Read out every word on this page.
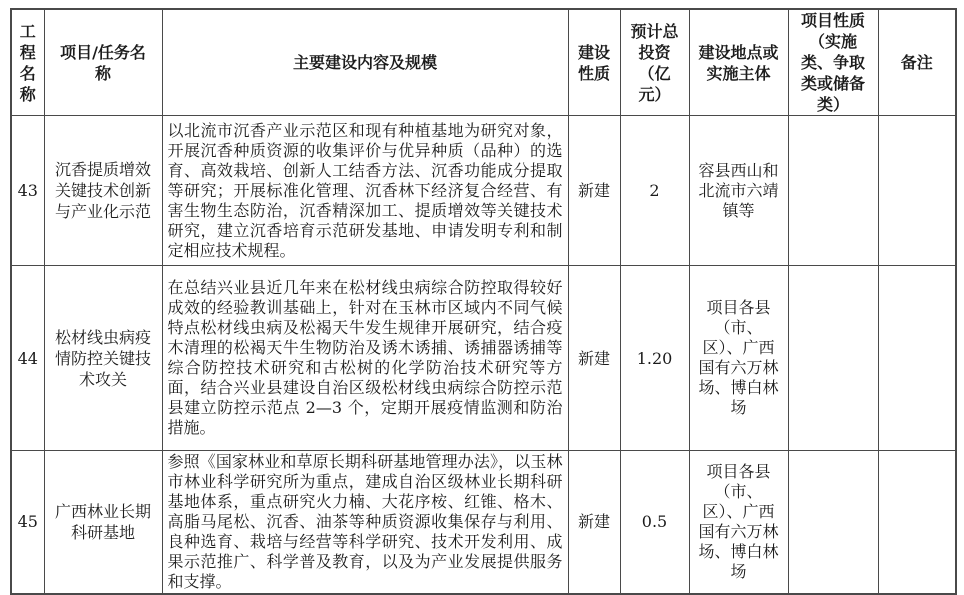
工程名称	项目/任务名称	主要建设内容及规模	建设性质	预计总投资（亿元）	建设地点或实施主体	项目性质（实施类、争取类或储备类）	备注
43	沉香提质增效关键技术创新与产业化示范	以北流市沉香产业示范区和现有种植基地为研究对象，开展沉香种质资源的收集评价与优异种质（品种）的选育、高效栽培、创新人工结香方法、沉香功能成分提取等研究；开展标准化管理、沉香林下经济复合经营、有害生物生态防治，沉香精深加工、提质增效等关键技术研究，建立沉香培育示范研发基地、申请发明专利和制定相应技术规程。	新建	2	容县西山和北流市六靖镇等		
44	松材线虫病疫情防控关键技术攻关	在总结兴业县近几年来在松材线虫病综合防控取得较好成效的经验教训基础上，针对在玉林市区域内不同气候特点松材线虫病及松褐天牛发生规律开展研究，结合疫木清理的松褐天牛生物防治及诱木诱捕、诱捕器诱捕等综合防控技术研究和古松树的化学防治技术研究等方面，结合兴业县建设自治区级松材线虫病综合防控示范县建立防控示范点 2—3 个，定期开展疫情监测和防治措施。	新建	1.20	项目各县（市、区）、广西国有六万林场、博白林场		
45	广西林业长期科研基地	参照《国家林业和草原长期科研基地管理办法》，以玉林市林业科学研究所为重点，建成自治区级林业长期科研基地体系，重点研究火力楠、大花序桉、红锥、格木、高脂马尾松、沉香、油茶等种质资源收集保存与利用、良种选育、栽培与经营等科学研究、技术开发利用、成果示范推广、科学普及教育，以及为产业发展提供服务和支撑。	新建	0.5	项目各县（市、区）、广西国有六万林场、博白林场		
